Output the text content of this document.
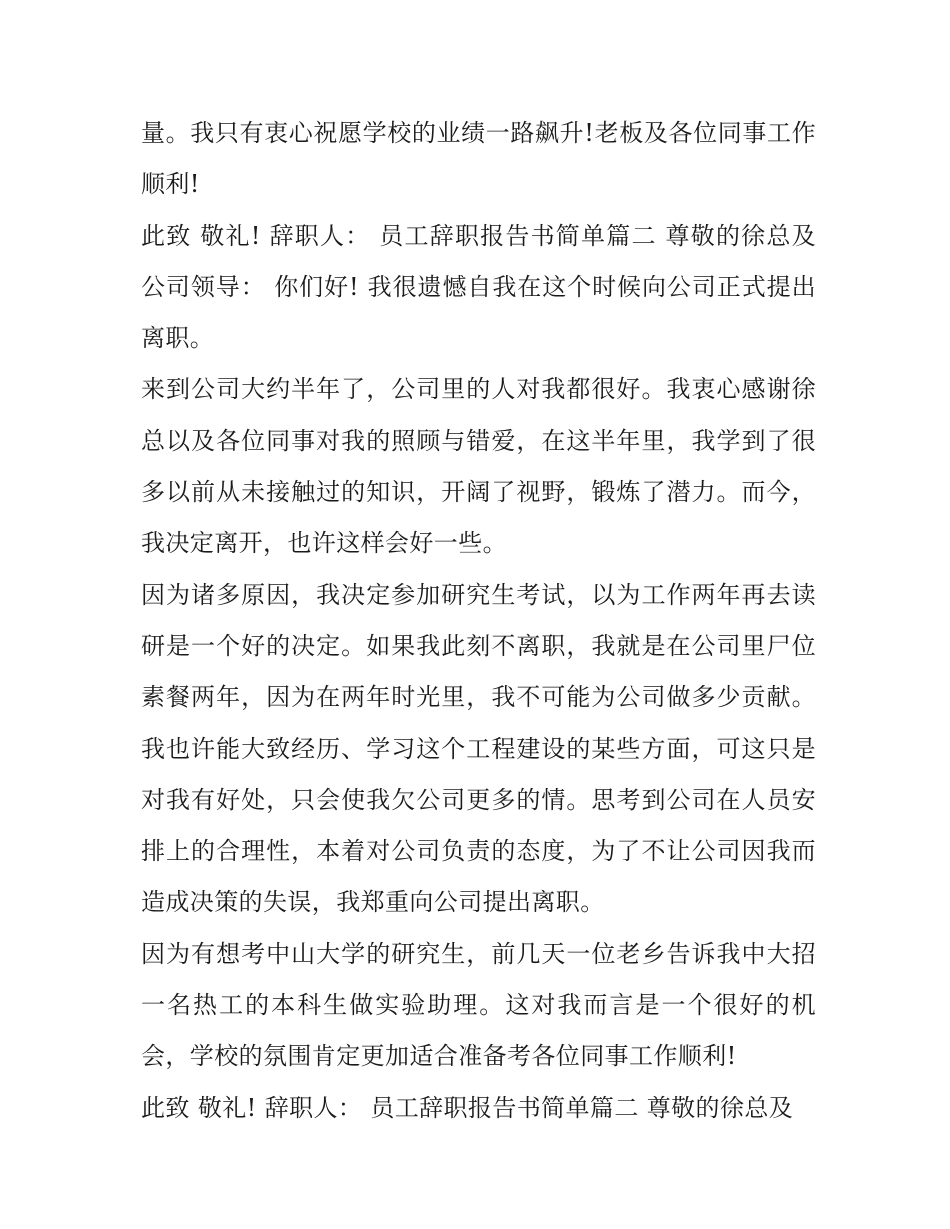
量。我只有衷心祝愿学校的业绩一路飙升!老板及各位同事工作顺利!

此致 敬礼! 辞职人： 员工辞职报告书简单篇二 尊敬的徐总及公司领导： 你们好! 我很遗憾自我在这个时候向公司正式提出离职。

来到公司大约半年了，公司里的人对我都很好。我衷心感谢徐总以及各位同事对我的照顾与错爱，在这半年里，我学到了很多以前从未接触过的知识，开阔了视野，锻炼了潜力。而今，我决定离开，也许这样会好一些。

因为诸多原因，我决定参加研究生考试，以为工作两年再去读研是一个好的决定。如果我此刻不离职，我就是在公司里尸位素餐两年，因为在两年时光里，我不可能为公司做多少贡献。我也许能大致经历、学习这个工程建设的某些方面，可这只是对我有好处，只会使我欠公司更多的情。思考到公司在人员安排上的合理性，本着对公司负责的态度，为了不让公司因我而造成决策的失误，我郑重向公司提出离职。

因为有想考中山大学的研究生，前几天一位老乡告诉我中大招一名热工的本科生做实验助理。这对我而言是一个很好的机会，学校的氛围肯定更加适合准备考各位同事工作顺利!

此致 敬礼! 辞职人： 员工辞职报告书简单篇二 尊敬的徐总及
